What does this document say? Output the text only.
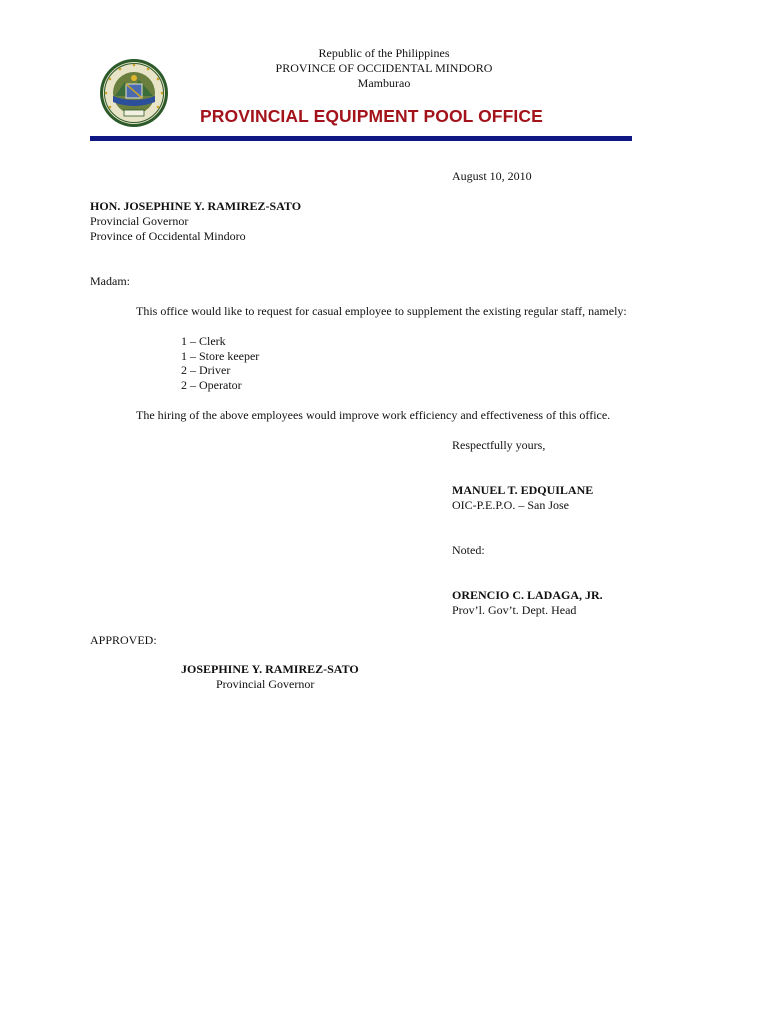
Republic of the Philippines
PROVINCE OF OCCIDENTAL MINDORO
Mamburao
PROVINCIAL EQUIPMENT POOL OFFICE

August 10, 2010

HON. JOSEPHINE Y. RAMIREZ-SATO

Provincial Governor

Province of Occidental Mindoro

Madam:

This office would like to request for casual employee to supplement the existing regular staff, namely:

1 – Clerk

1 – Store keeper

2 – Driver

2 – Operator

The hiring of the above employees would improve work efficiency and effectiveness of this office.

Respectfully yours,

MANUEL T. EDQUILANE

OIC-P.E.P.O. – San Jose

Noted:

ORENCIO C. LADAGA, JR.

Prov’l. Gov’t. Dept. Head

APPROVED:

JOSEPHINE Y. RAMIREZ-SATO

Provincial Governor
